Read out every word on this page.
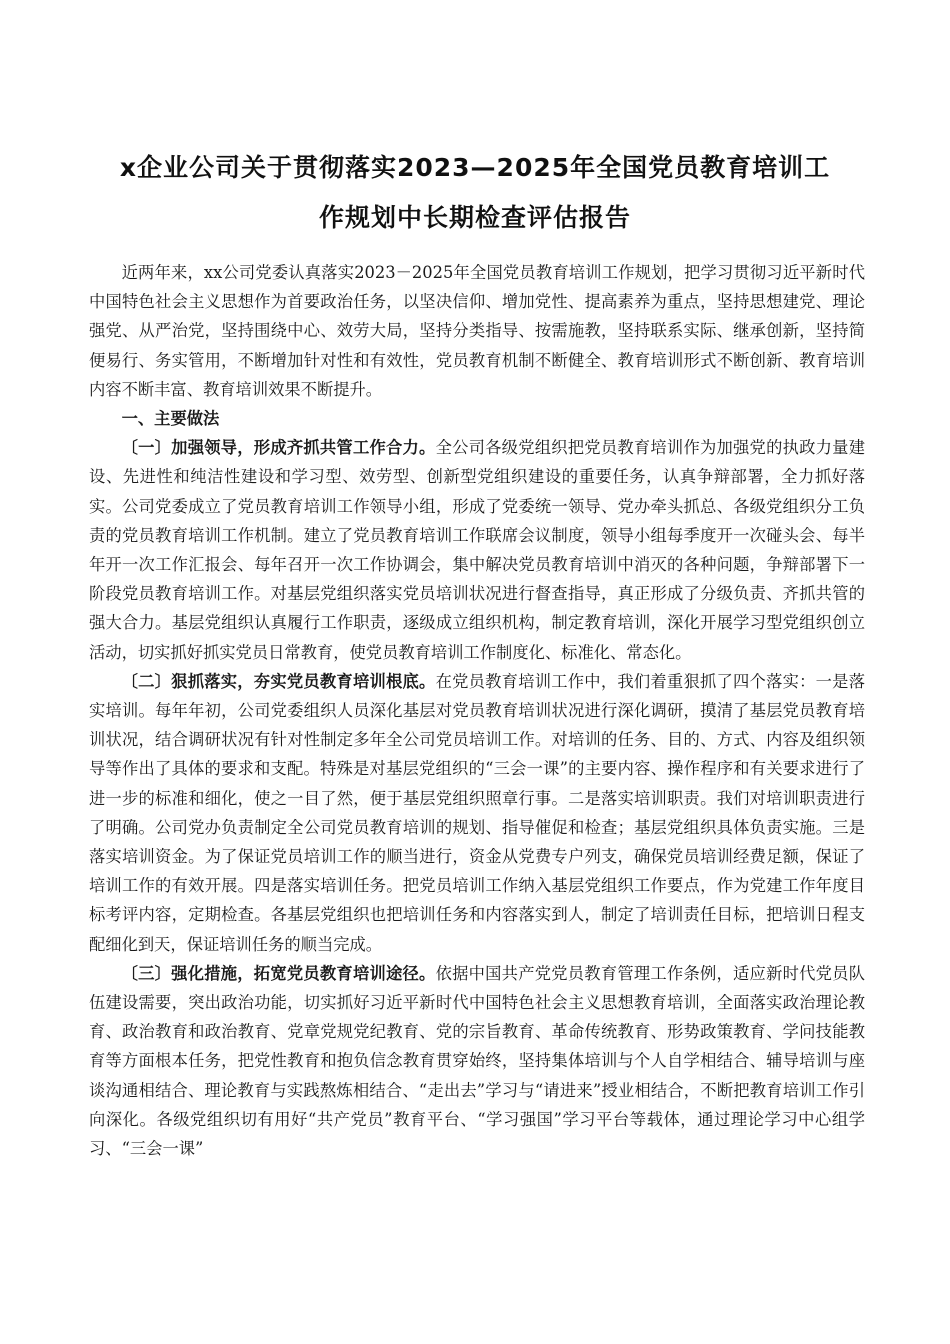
x企业公司关于贯彻落实2023—2025年全国党员教育培训工
作规划中长期检查评估报告

近两年来，xx公司党委认真落实2023－2025年全国党员教育培训工作规划，把学习贯彻习近平新时代中国特色社会主义思想作为首要政治任务，以坚决信仰、增加党性、提高素养为重点，坚持思想建党、理论强党、从严治党，坚持围绕中心、效劳大局，坚持分类指导、按需施教，坚持联系实际、继承创新，坚持简便易行、务实管用，不断增加针对性和有效性，党员教育机制不断健全、教育培训形式不断创新、教育培训内容不断丰富、教育培训效果不断提升。

一、主要做法

〔一〕加强领导，形成齐抓共管工作合力。全公司各级党组织把党员教育培训作为加强党的执政力量建设、先进性和纯洁性建设和学习型、效劳型、创新型党组织建设的重要任务，认真争辩部署，全力抓好落实。公司党委成立了党员教育培训工作领导小组，形成了党委统一领导、党办牵头抓总、各级党组织分工负责的党员教育培训工作机制。建立了党员教育培训工作联席会议制度，领导小组每季度开一次碰头会、每半年开一次工作汇报会、每年召开一次工作协调会，集中解决党员教育培训中消灭的各种问题，争辩部署下一阶段党员教育培训工作。对基层党组织落实党员培训状况进行督查指导，真正形成了分级负责、齐抓共管的强大合力。基层党组织认真履行工作职责，逐级成立组织机构，制定教育培训，深化开展学习型党组织创立活动，切实抓好抓实党员日常教育，使党员教育培训工作制度化、标准化、常态化。

〔二〕狠抓落实，夯实党员教育培训根底。在党员教育培训工作中，我们着重狠抓了四个落实：一是落实培训。每年年初，公司党委组织人员深化基层对党员教育培训状况进行深化调研，摸清了基层党员教育培训状况，结合调研状况有针对性制定多年全公司党员培训工作。对培训的任务、目的、方式、内容及组织领导等作出了具体的要求和支配。特殊是对基层党组织的“三会一课”的主要内容、操作程序和有关要求进行了进一步的标准和细化，使之一目了然，便于基层党组织照章行事。二是落实培训职责。我们对培训职责进行了明确。公司党办负责制定全公司党员教育培训的规划、指导催促和检查；基层党组织具体负责实施。三是落实培训资金。为了保证党员培训工作的顺当进行，资金从党费专户列支，确保党员培训经费足额，保证了培训工作的有效开展。四是落实培训任务。把党员培训工作纳入基层党组织工作要点，作为党建工作年度目标考评内容，定期检查。各基层党组织也把培训任务和内容落实到人，制定了培训责任目标，把培训日程支配细化到天，保证培训任务的顺当完成。

〔三〕强化措施，拓宽党员教育培训途径。依据中国共产党党员教育管理工作条例，适应新时代党员队伍建设需要，突出政治功能，切实抓好习近平新时代中国特色社会主义思想教育培训，全面落实政治理论教育、政治教育和政治教育、党章党规党纪教育、党的宗旨教育、革命传统教育、形势政策教育、学问技能教育等方面根本任务，把党性教育和抱负信念教育贯穿始终，坚持集体培训与个人自学相结合、辅导培训与座谈沟通相结合、理论教育与实践熬炼相结合、“走出去”学习与“请进来”授业相结合，不断把教育培训工作引向深化。各级党组织切有用好“共产党员”教育平台、“学习强国”学习平台等载体，通过理论学习中心组学习、“三会一课”
